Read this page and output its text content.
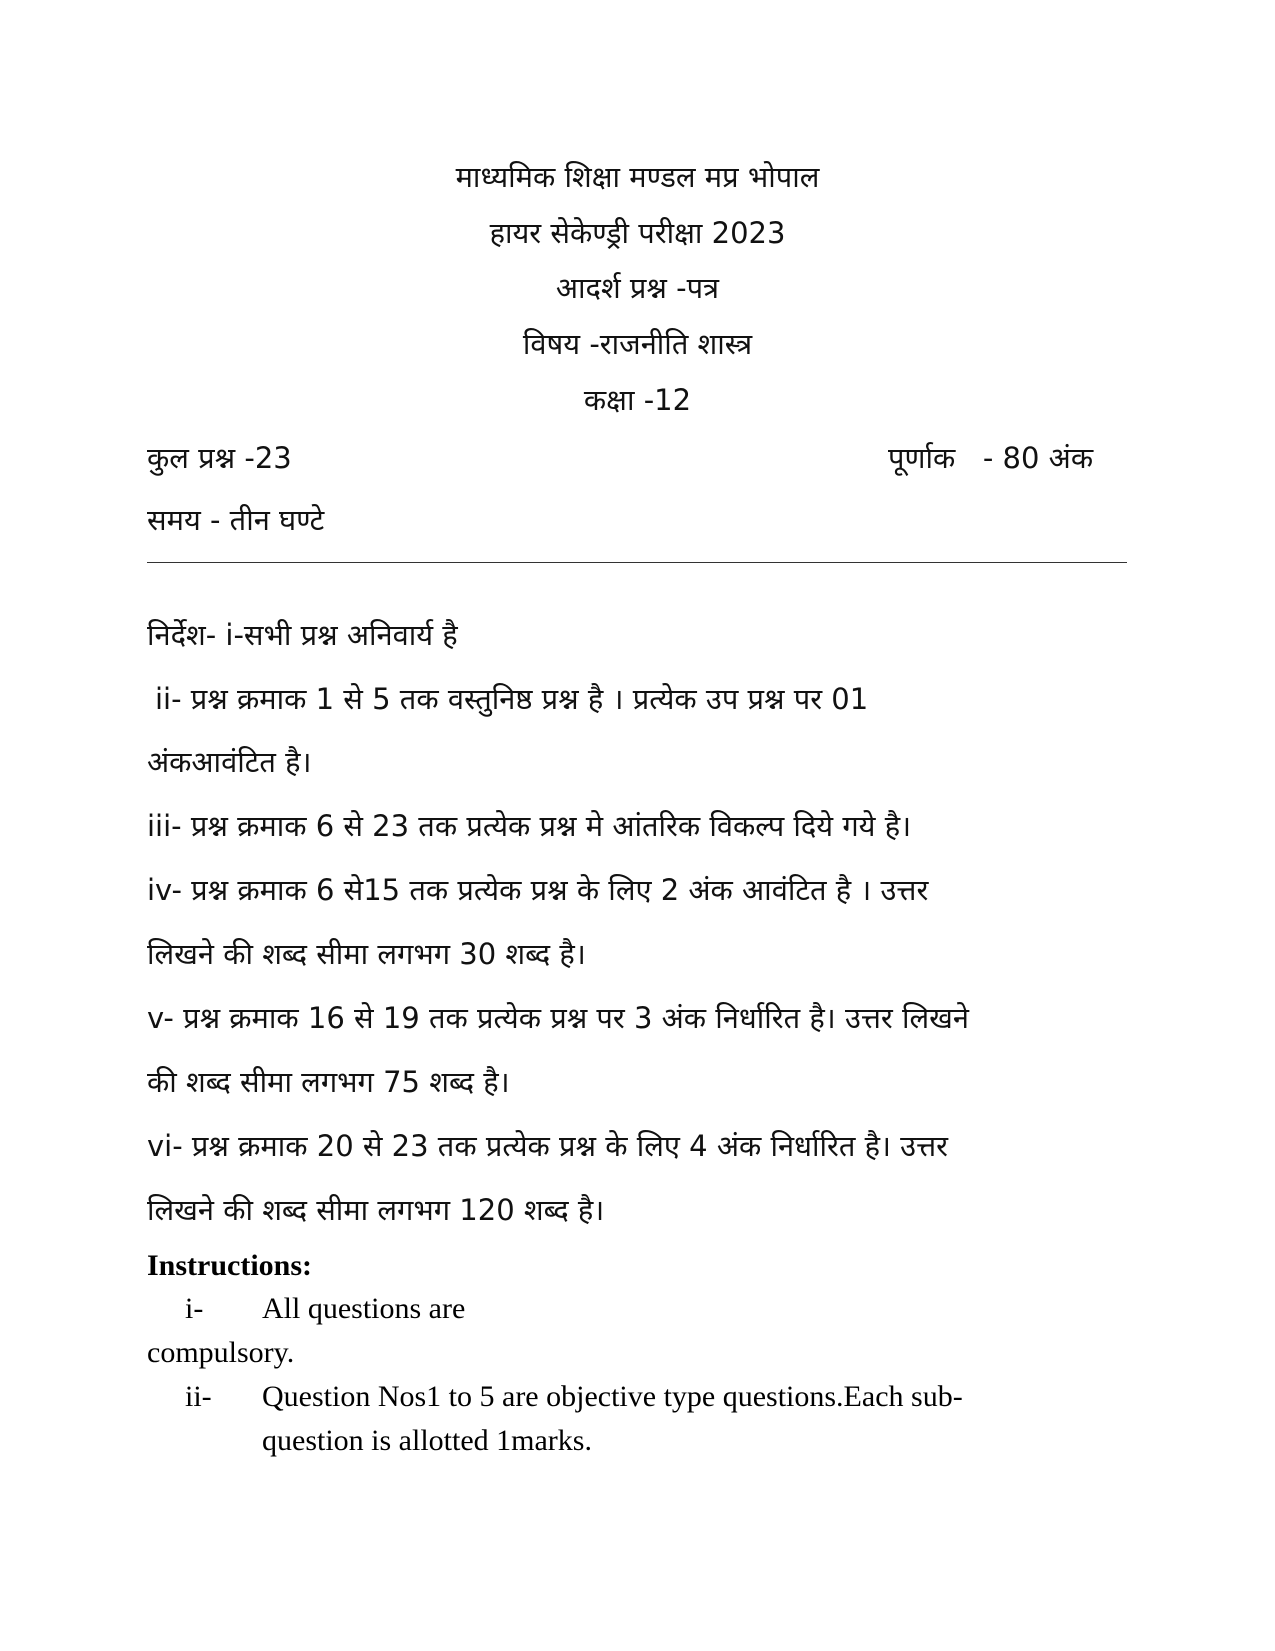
माध्यमिक शिक्षा मण्डल मप्र भोपाल
हायर सेकेण्ड्री परीक्षा 2023
आदर्श प्रश्न -पत्र
विषय -राजनीति शास्त्र
कक्षा -12
कुल प्रश्न -23	पूर्णाक   - 80 अंक
समय - तीन घण्टे
निर्देश- i-सभी प्रश्न अनिवार्य है
ii- प्रश्न क्रमाक 1 से 5 तक वस्तुनिष्ठ प्रश्न है । प्रत्येक उप प्रश्न पर 01
अंकआवंटित है।
iii- प्रश्न क्रमाक 6 से 23 तक प्रत्येक प्रश्न मे आंतरिक विकल्प दिये गये है।
iv- प्रश्न क्रमाक 6 से15 तक प्रत्येक प्रश्न के लिए 2 अंक आवंटित है । उत्तर
लिखने की शब्द सीमा लगभग 30 शब्द है।
v- प्रश्न क्रमाक 16 से 19 तक प्रत्येक प्रश्न पर 3 अंक निर्धारित है। उत्तर लिखने
की शब्द सीमा लगभग 75 शब्द है।
vi- प्रश्न क्रमाक 20 से 23 तक प्रत्येक प्रश्न के लिए 4 अंक निर्धारित है। उत्तर
लिखने की शब्द सीमा लगभग 120 शब्द है।
Instructions:
i- All questions are
compulsory.
ii- Question Nos1 to 5 are objective type questions.Each sub-
question is allotted 1marks.
